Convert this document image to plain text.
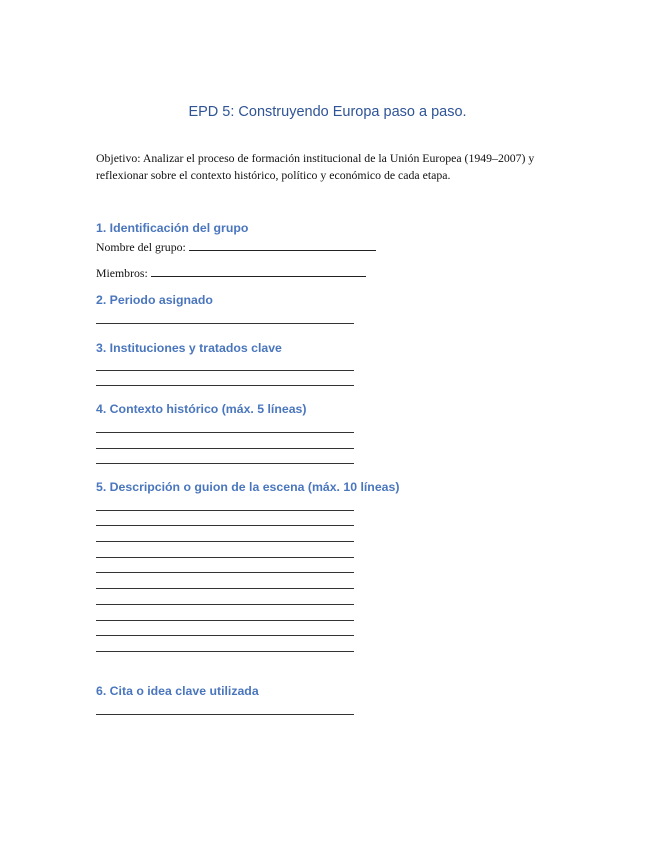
EPD 5: Construyendo Europa paso a paso.
Objetivo: Analizar el proceso de formación institucional de la Unión Europea (1949–2007) y reflexionar sobre el contexto histórico, político y económico de cada etapa.
1. Identificación del grupo
Nombre del grupo:
Miembros:
2. Periodo asignado
3. Instituciones y tratados clave
4. Contexto histórico (máx. 5 líneas)
5. Descripción o guion de la escena (máx. 10 líneas)
6. Cita o idea clave utilizada
